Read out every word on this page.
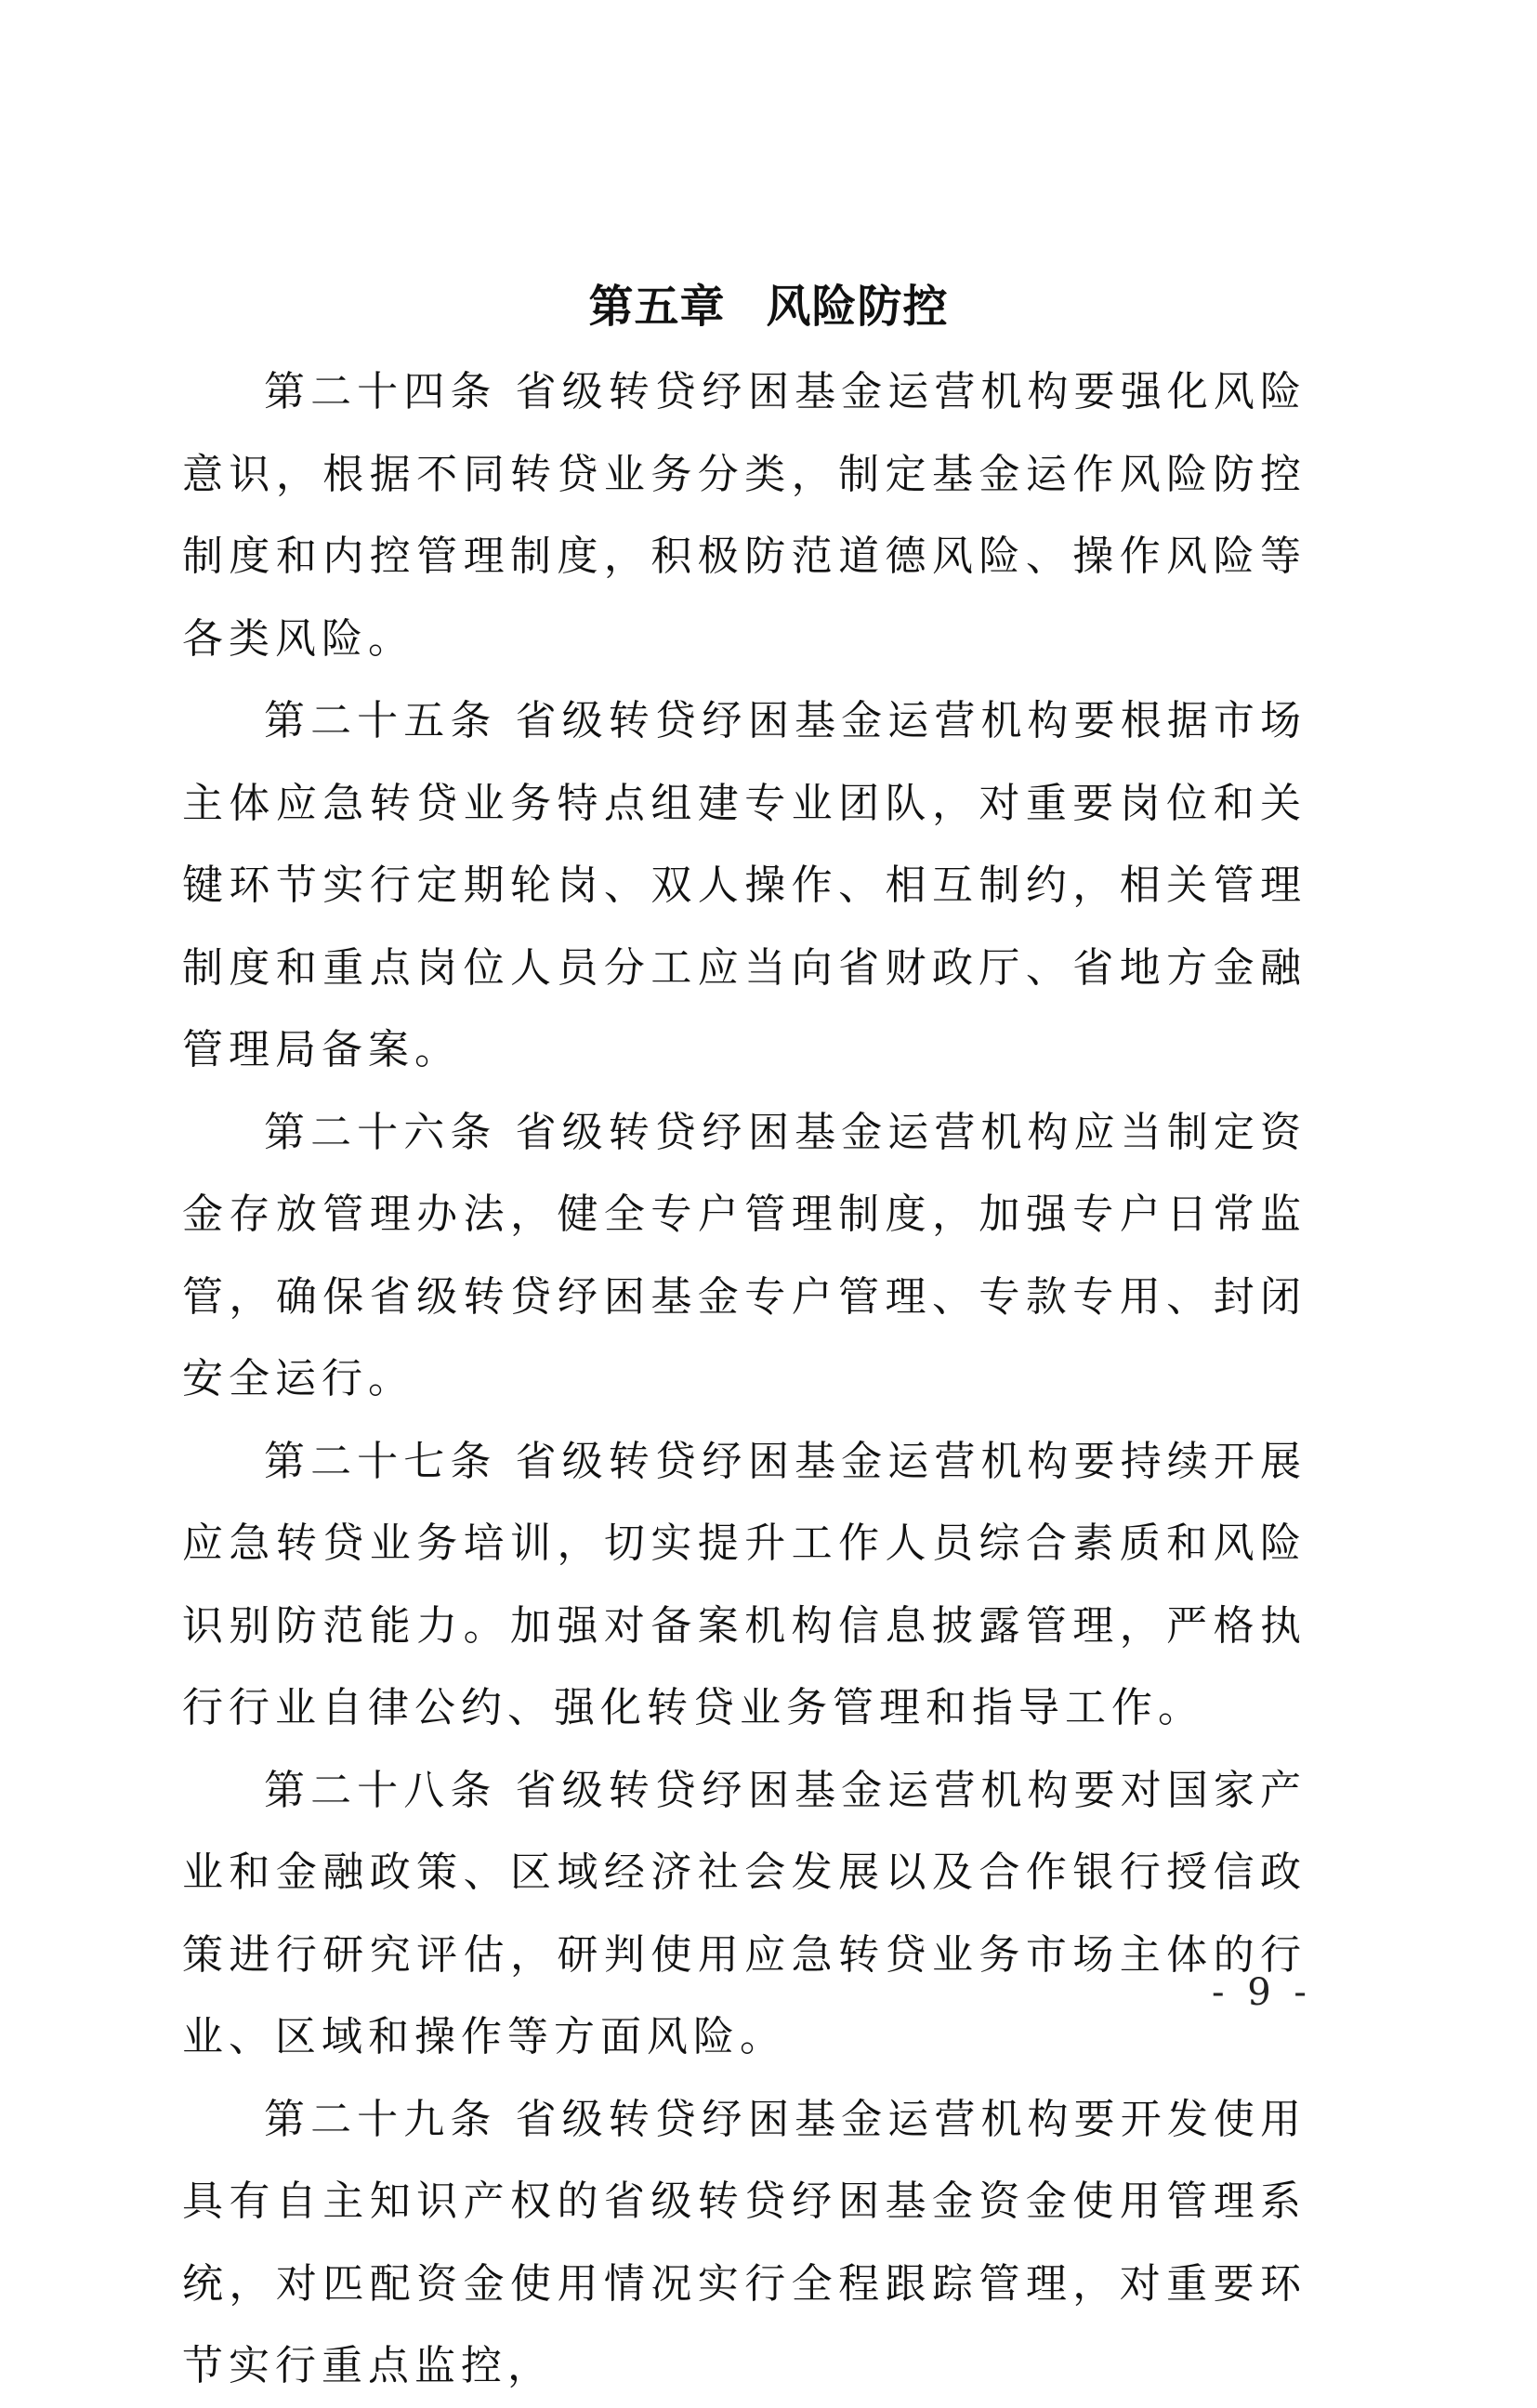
第五章 风险防控

第二十四条 省级转贷纾困基金运营机构要强化风险意识，根据不同转贷业务分类，制定基金运作风险防控制度和内控管理制度，积极防范道德风险、操作风险等各类风险。

第二十五条 省级转贷纾困基金运营机构要根据市场主体应急转贷业务特点组建专业团队，对重要岗位和关键环节实行定期轮岗、双人操作、相互制约，相关管理制度和重点岗位人员分工应当向省财政厅、省地方金融管理局备案。

第二十六条 省级转贷纾困基金运营机构应当制定资金存放管理办法，健全专户管理制度，加强专户日常监管，确保省级转贷纾困基金专户管理、专款专用、封闭安全运行。

第二十七条 省级转贷纾困基金运营机构要持续开展应急转贷业务培训，切实提升工作人员综合素质和风险识别防范能力。加强对备案机构信息披露管理，严格执行行业自律公约、强化转贷业务管理和指导工作。

第二十八条 省级转贷纾困基金运营机构要对国家产业和金融政策、区域经济社会发展以及合作银行授信政策进行研究评估，研判使用应急转贷业务市场主体的行业、区域和操作等方面风险。

第二十九条 省级转贷纾困基金运营机构要开发使用具有自主知识产权的省级转贷纾困基金资金使用管理系统，对匹配资金使用情况实行全程跟踪管理，对重要环节实行重点监控，

- 9 -
